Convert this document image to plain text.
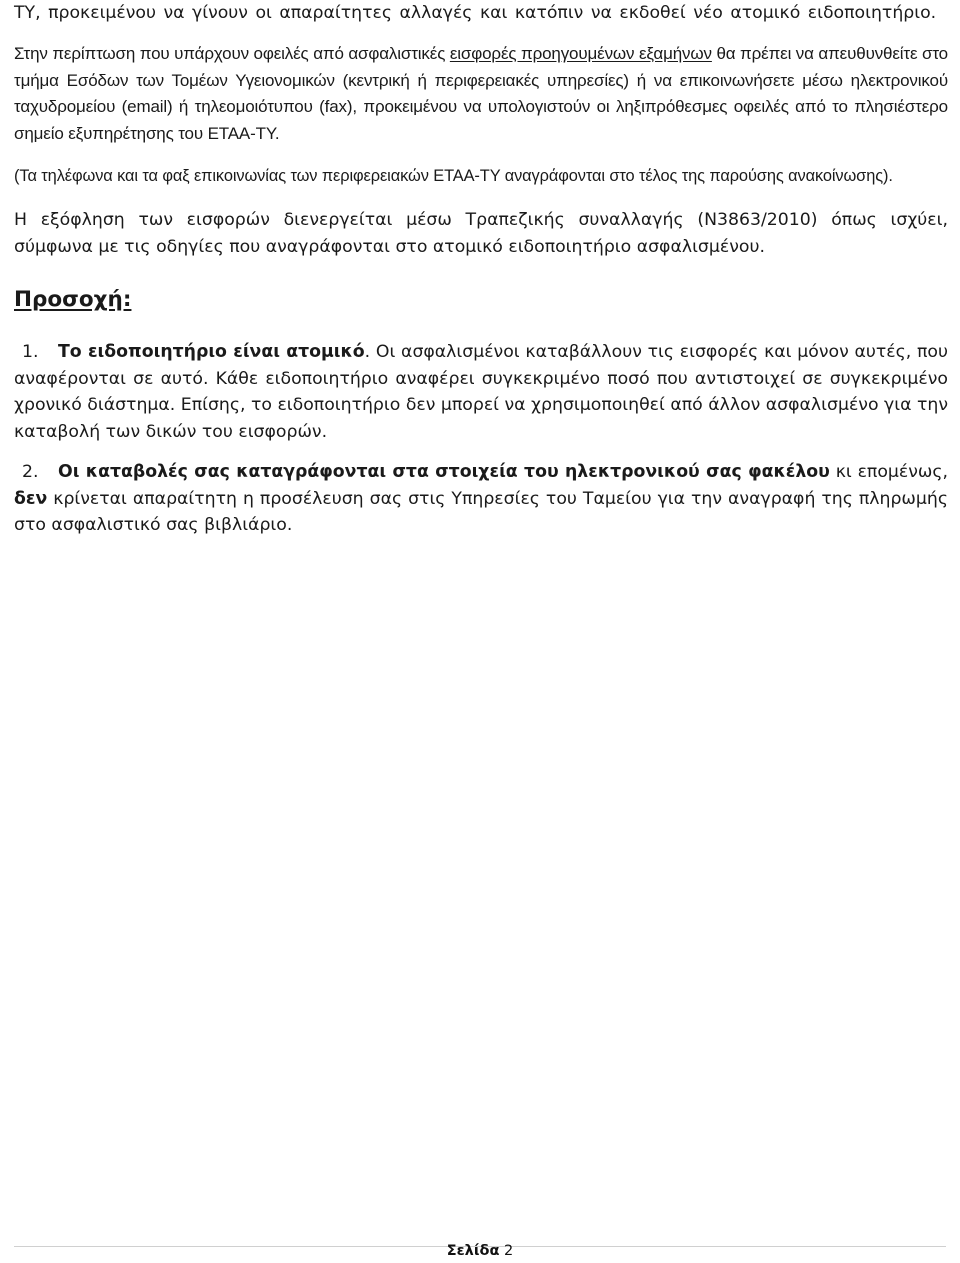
ΤΥ, προκειμένου να γίνουν οι απαραίτητες αλλαγές και κατόπιν να εκδοθεί νέο ατομικό ειδοποιητήριο.

Στην περίπτωση που υπάρχουν οφειλές από ασφαλιστικές εισφορές προηγουμένων εξαμήνων θα πρέπει να απευθυνθείτε στο τμήμα Εσόδων των Τομέων Υγειονομικών (κεντρική ή περιφερειακές υπηρεσίες) ή να επικοινωνήσετε μέσω ηλεκτρονικού ταχυδρομείου (email) ή τηλεομοιότυπου (fax), προκειμένου να υπολογιστούν οι ληξιπρόθεσμες οφειλές από το πλησιέστερο σημείο εξυπηρέτησης του ΕΤΑΑ-ΤΥ.

(Τα τηλέφωνα και τα φαξ επικοινωνίας των περιφερειακών ΕΤΑΑ-ΤΥ αναγράφονται στο τέλος της παρούσης ανακοίνωσης).

Η εξόφληση των εισφορών διενεργείται μέσω Τραπεζικής συναλλαγής (Ν3863/2010) όπως ισχύει, σύμφωνα με τις οδηγίες που αναγράφονται στο ατομικό ειδοποιητήριο ασφαλισμένου.

Προσοχή:

1. Το ειδοποιητήριο είναι ατομικό. Οι ασφαλισμένοι καταβάλλουν τις εισφορές και μόνον αυτές, που αναφέρονται σε αυτό. Κάθε ειδοποιητήριο αναφέρει συγκεκριμένο ποσό που αντιστοιχεί σε συγκεκριμένο χρονικό διάστημα. Επίσης, το ειδοποιητήριο δεν μπορεί να χρησιμοποιηθεί από άλλον ασφαλισμένο για την καταβολή των δικών του εισφορών.

2. Οι καταβολές σας καταγράφονται στα στοιχεία του ηλεκτρονικού σας φακέλου κι επομένως, δεν κρίνεται απαραίτητη η προσέλευση σας στις Υπηρεσίες του Ταμείου για την αναγραφή της πληρωμής στο ασφαλιστικό σας βιβλιάριο.

Σελίδα 2
